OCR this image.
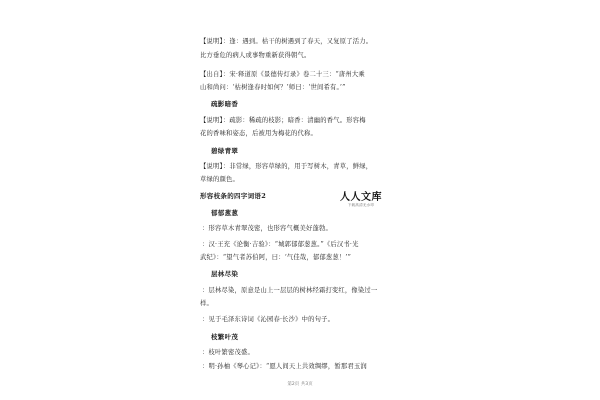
【说明】：逢：遇到。枯干的树遇到了春天，又复原了活力。
比方垂危的病人或事物重新获得朝气。
【出自】：宋·释道原《景德传灯录》卷二十三：“唐州大乘
山和尚问：‘枯树逢春时如何？’师曰：‘世间希有。’”
疏影暗香
【说明】：疏影：稀疏的枝影；暗香：清幽的香气。形容梅
花的香味和姿态，后被用为梅花的代称。
碧绿青翠
【说明】：非常绿，形容草绿的，用于写树木，青草，鲜绿，
草绿的颜色。
形容枝条的四字词语2
郁郁葱葱
：形容草木青翠茂密，也形容气概美好蓬勃。
：汉·王充《论衡·吉验》：“城郭郁郁葱葱。”《后汉书·光
武纪》：“望气者苏伯阿，曰：‘气佳哉，郁郁葱葱！’”
层林尽染
：层林尽染，原意是山上一层层的树林经霜打变红，像染过一
样。
：见于毛泽东诗词《沁园春·长沙》中的句子。
枝繁叶茂
：枝叶繁密茂盛。
：明·孙柚《琴心记》：“愿人间天上共效绸缪，暂那君玉润
人人文库
下载高清无水印
第2页 共3页
